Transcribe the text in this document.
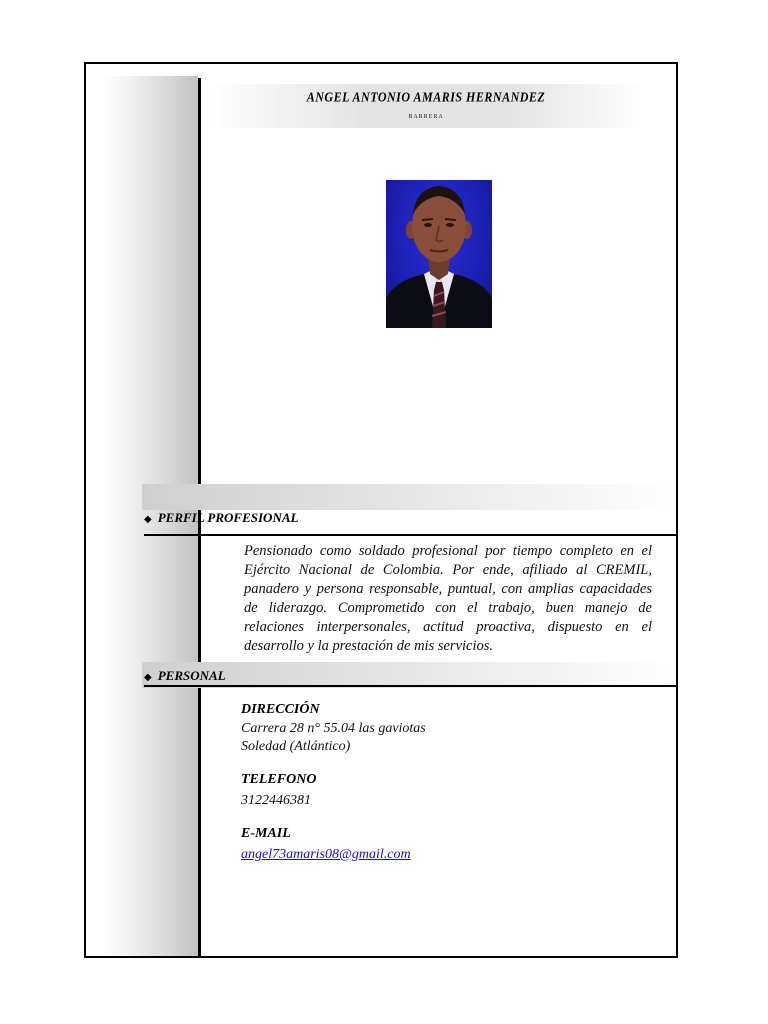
ANGEL ANTONIO AMARIS HERNANDEZ
BARRERA
◆ PERFIL PROFESIONAL
Pensionado como soldado profesional por tiempo completo en el Ejército Nacional de Colombia. Por ende, afiliado al CREMIL, panadero y persona responsable, puntual, con amplias capacidades de liderazgo. Comprometido con el trabajo, buen manejo de relaciones interpersonales, actitud proactiva, dispuesto en el desarrollo y la prestación de mis servicios.
◆ PERSONAL
DIRECCIÓN
Carrera 28 n° 55.04 las gaviotas
Soledad (Atlántico)
TELEFONO
3122446381
E-MAIL
angel73amaris08@gmail.com
